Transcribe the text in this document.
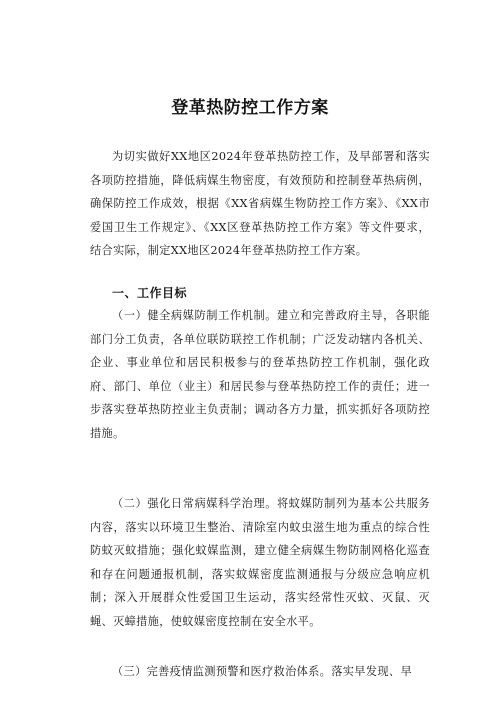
登革热防控工作方案
为切实做好XX地区2024年登革热防控工作，及早部署和落实各项防控措施，降低病媒生物密度，有效预防和控制登革热病例，确保防控工作成效，根据《XX省病媒生物防控工作方案》、《XX市爱国卫生工作规定》、《XX区登革热防控工作方案》等文件要求，结合实际，制定XX地区2024年登革热防控工作方案。
一、工作目标
（一）健全病媒防制工作机制。建立和完善政府主导，各职能部门分工负责，各单位联防联控工作机制；广泛发动辖内各机关、企业、事业单位和居民积极参与的登革热防控工作机制，强化政府、部门、单位（业主）和居民参与登革热防控工作的责任；进一步落实登革热防控业主负责制；调动各方力量，抓实抓好各项防控措施。
（二）强化日常病媒科学治理。将蚊媒防制列为基本公共服务内容，落实以环境卫生整治、清除室内蚊虫滋生地为重点的综合性防蚊灭蚊措施；强化蚊媒监测，建立健全病媒生物防制网格化巡查和存在问题通报机制，落实蚊媒密度监测通报与分级应急响应机制；深入开展群众性爱国卫生运动，落实经常性灭蚊、灭鼠、灭蝇、灭蟑措施，使蚊媒密度控制在安全水平。
（三）完善疫情监测预警和医疗救治体系。落实早发现、早
